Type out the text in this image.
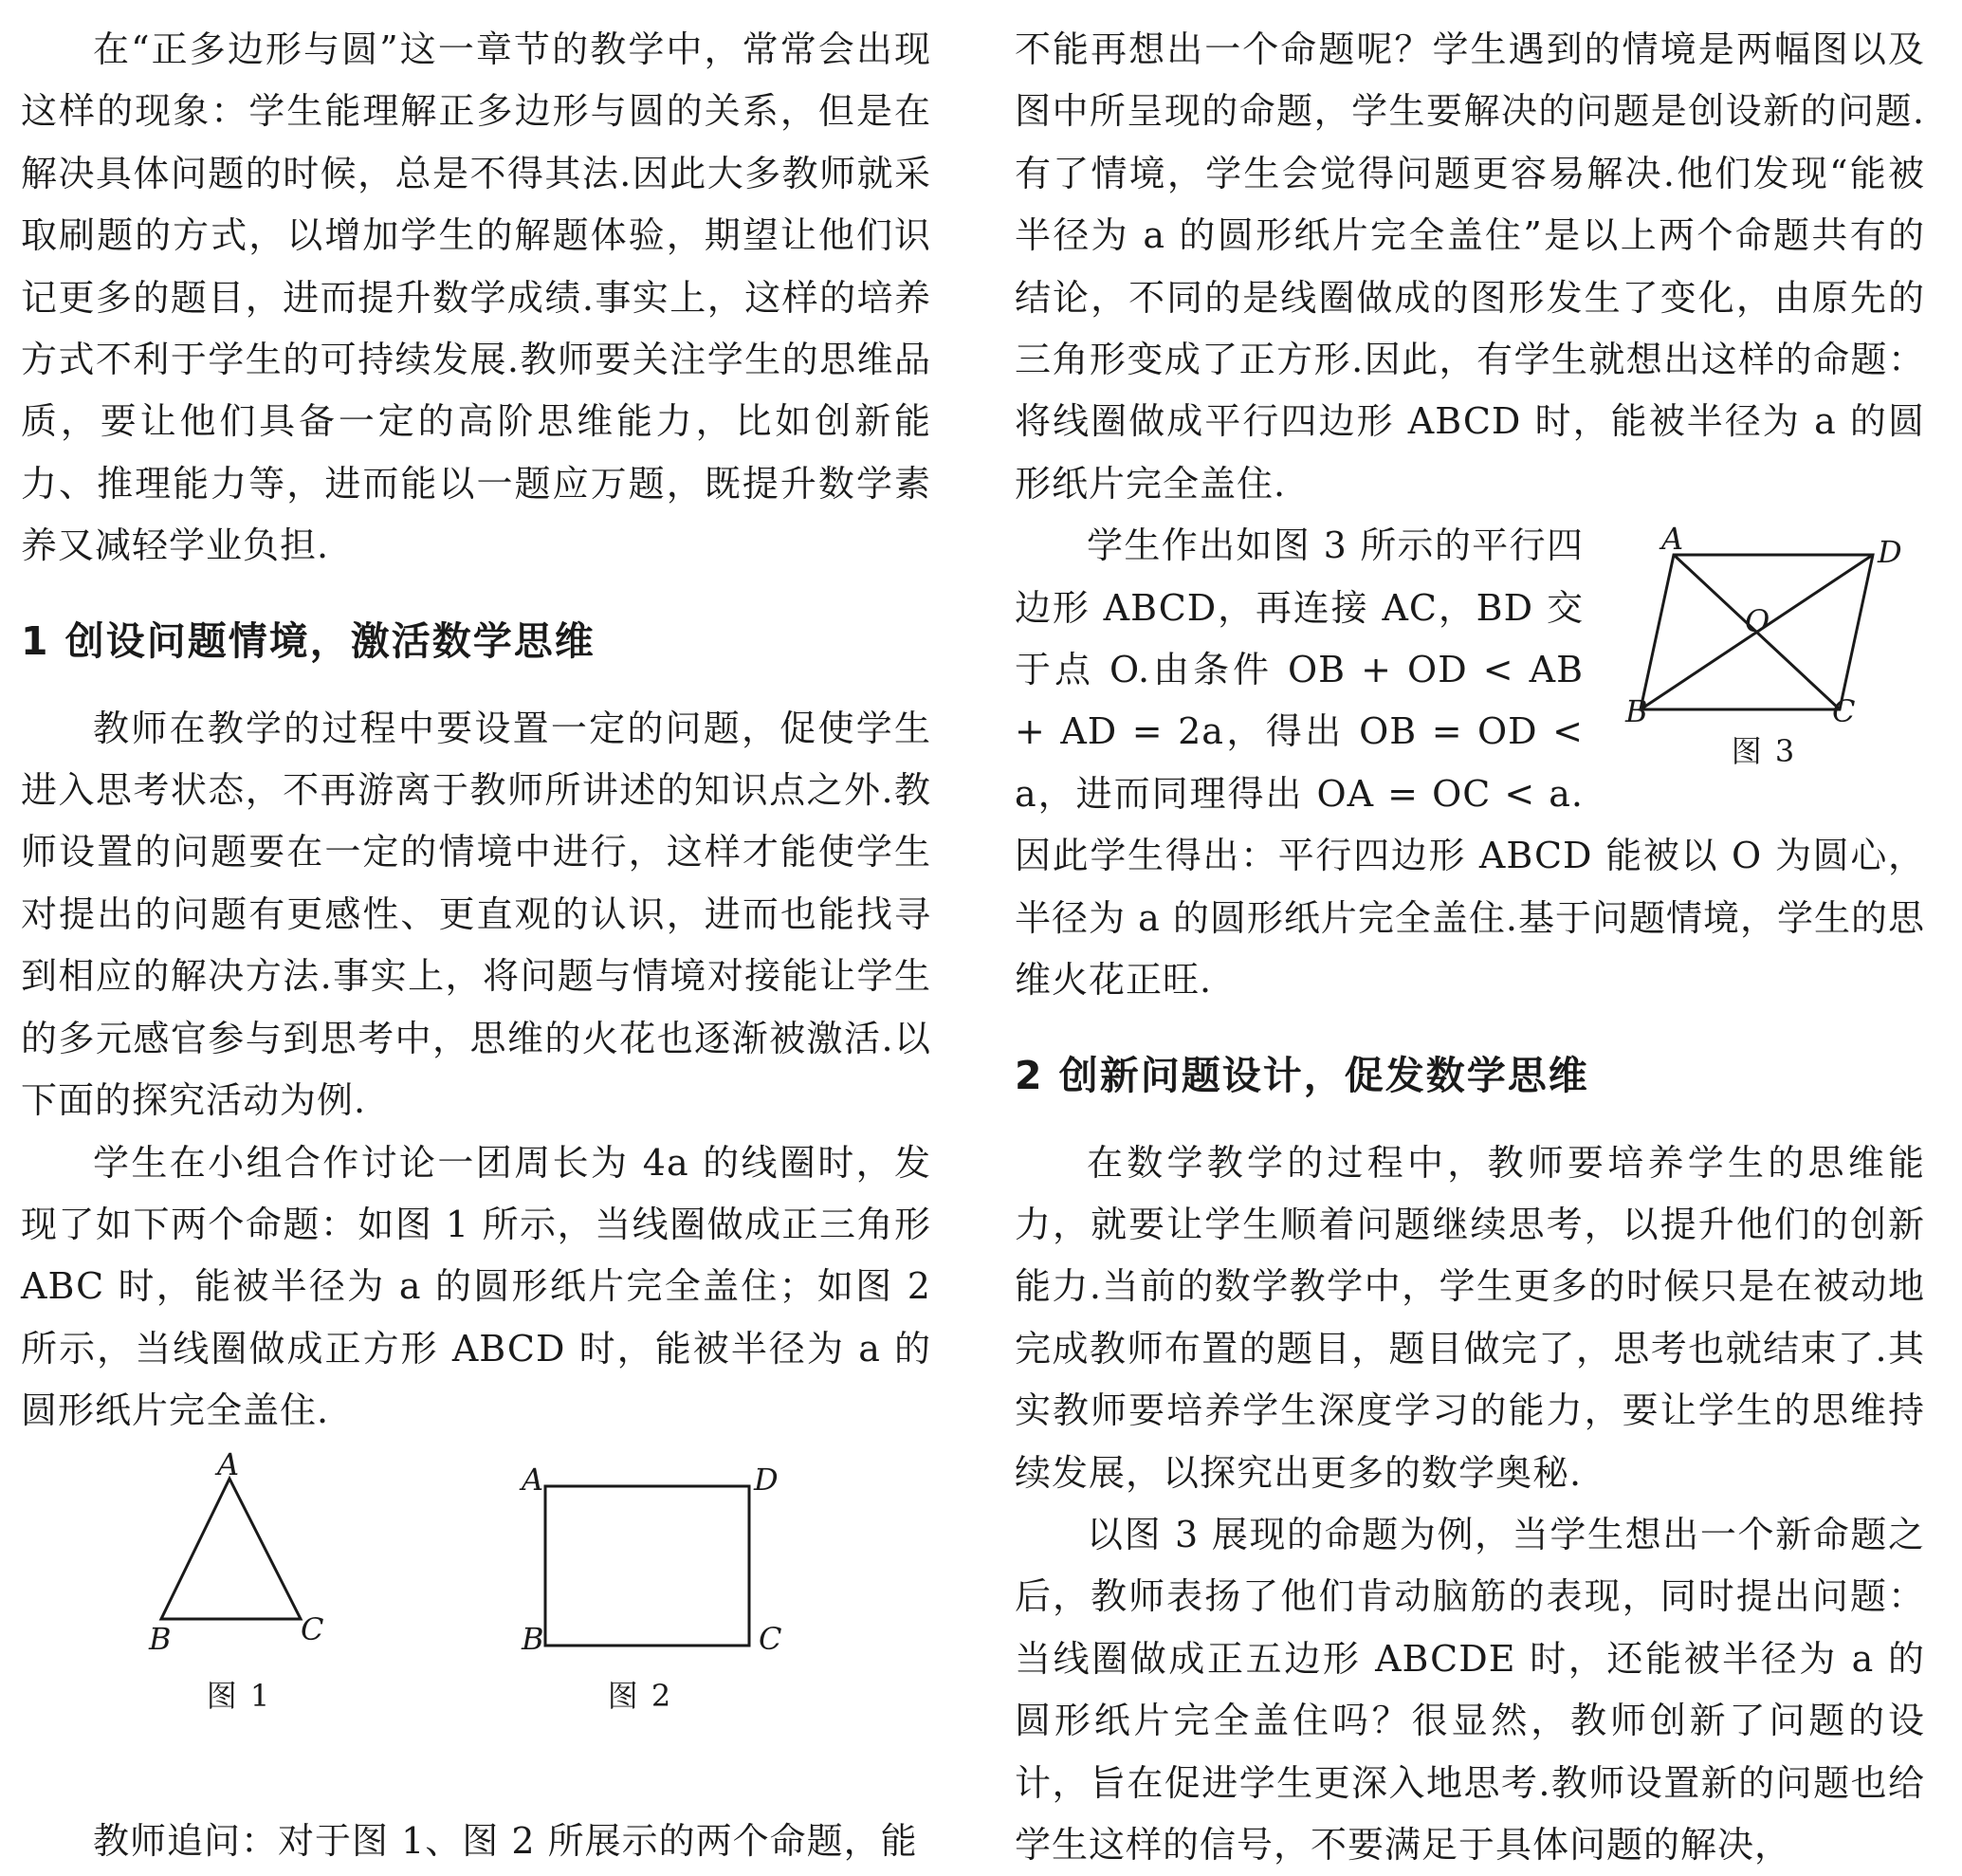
在“正多边形与圆”这一章节的教学中，常常会出现这样的现象：学生能理解正多边形与圆的关系，但是在解决具体问题的时候，总是不得其法.因此大多教师就采取刷题的方式，以增加学生的解题体验，期望让他们识记更多的题目，进而提升数学成绩.事实上，这样的培养方式不利于学生的可持续发展.教师要关注学生的思维品质，要让他们具备一定的高阶思维能力，比如创新能力、推理能力等，进而能以一题应万题，既提升数学素养又减轻学业负担.

1 创设问题情境，激活数学思维

教师在教学的过程中要设置一定的问题，促使学生进入思考状态，不再游离于教师所讲述的知识点之外.教师设置的问题要在一定的情境中进行，这样才能使学生对提出的问题有更感性、更直观的认识，进而也能找寻到相应的解决方法.事实上，将问题与情境对接能让学生的多元感官参与到思考中，思维的火花也逐渐被激活.以下面的探究活动为例.

学生在小组合作讨论一团周长为 4a 的线圈时，发现了如下两个命题：如图 1 所示，当线圈做成正三角形 ABC 时，能被半径为 a 的圆形纸片完全盖住；如图 2 所示，当线圈做成正方形 ABCD 时，能被半径为 a 的圆形纸片完全盖住.

A
B	C
图 1
A	D
B	C
图 2

教师追问：对于图 1、图 2 所展示的两个命题，能

不能再想出一个命题呢？学生遇到的情境是两幅图以及图中所呈现的命题，学生要解决的问题是创设新的问题.有了情境，学生会觉得问题更容易解决.他们发现“能被半径为 a 的圆形纸片完全盖住”是以上两个命题共有的结论，不同的是线圈做成的图形发生了变化，由原先的三角形变成了正方形.因此，有学生就想出这样的命题：将线圈做成平行四边形 ABCD 时，能被半径为 a 的圆形纸片完全盖住.

A	D
O
B	C
图 3

学生作出如图 3 所示的平行四边形 ABCD，再连接 AC，BD 交于点 O.由条件 OB + OD < AB + AD = 2a，得出 OB = OD < a，进而同理得出 OA = OC < a.因此学生得出：平行四边形 ABCD 能被以 O 为圆心，半径为 a 的圆形纸片完全盖住.基于问题情境，学生的思维火花正旺.

2 创新问题设计，促发数学思维

在数学教学的过程中，教师要培养学生的思维能力，就要让学生顺着问题继续思考，以提升他们的创新能力.当前的数学教学中，学生更多的时候只是在被动地完成教师布置的题目，题目做完了，思考也就结束了.其实教师要培养学生深度学习的能力，要让学生的思维持续发展，以探究出更多的数学奥秘.

以图 3 展现的命题为例，当学生想出一个新命题之后，教师表扬了他们肯动脑筋的表现，同时提出问题：当线圈做成正五边形 ABCDE 时，还能被半径为 a 的圆形纸片完全盖住吗？很显然，教师创新了问题的设计，旨在促进学生更深入地思考.教师设置新的问题也给学生这样的信号，不要满足于具体问题的解决，
